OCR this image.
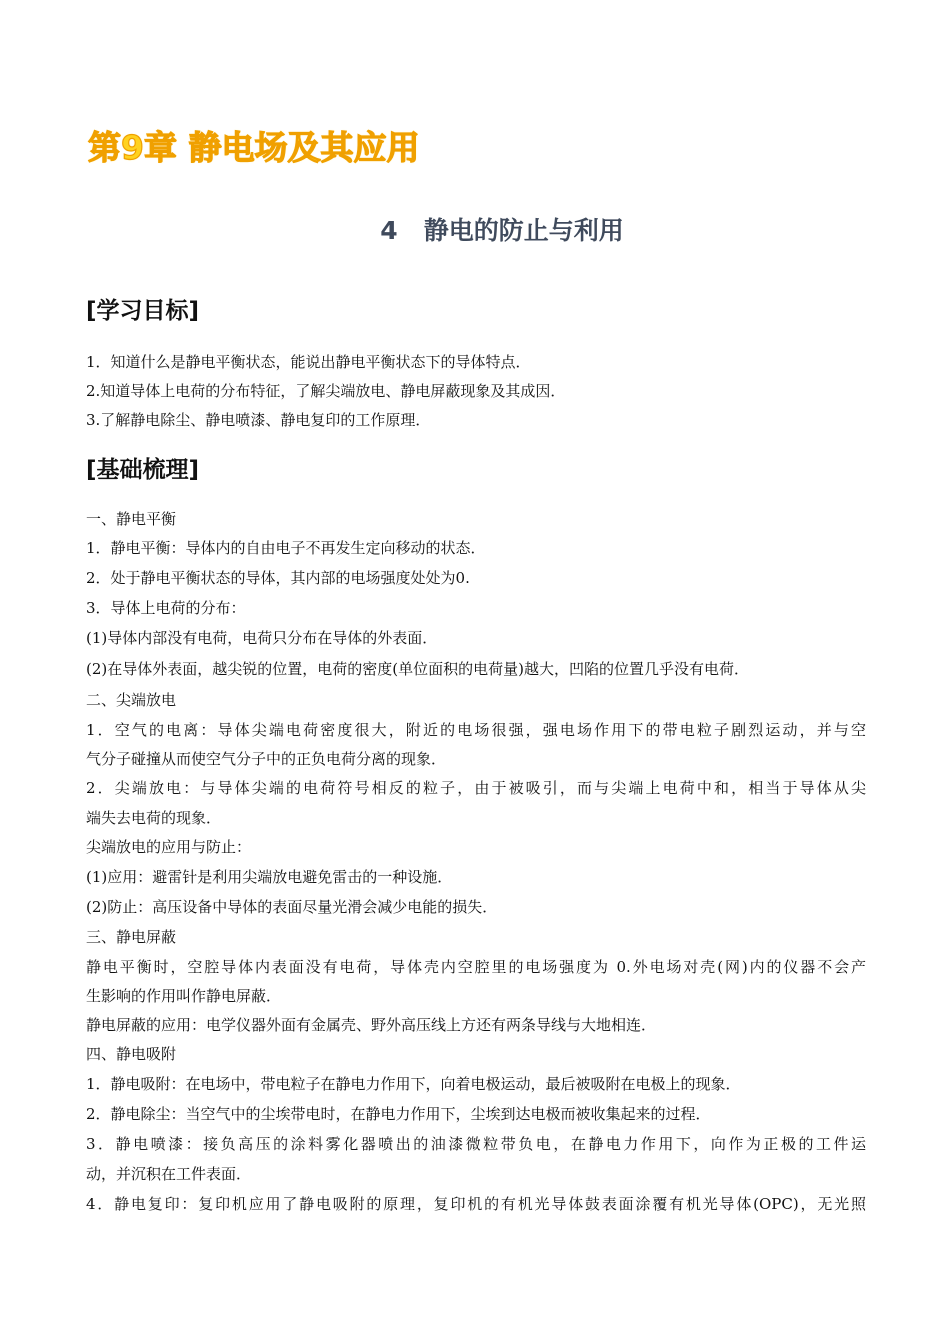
第9章 静电场及其应用
4 静电的防止与利用
[学习目标]
1．知道什么是静电平衡状态，能说出静电平衡状态下的导体特点．
2.知道导体上电荷的分布特征，了解尖端放电、静电屏蔽现象及其成因．
3.了解静电除尘、静电喷漆、静电复印的工作原理．
[基础梳理]
一、静电平衡
1．静电平衡：导体内的自由电子不再发生定向移动的状态．
2．处于静电平衡状态的导体，其内部的电场强度处处为0.
3．导体上电荷的分布：
(1)导体内部没有电荷，电荷只分布在导体的外表面．
(2)在导体外表面，越尖锐的位置，电荷的密度(单位面积的电荷量)越大，凹陷的位置几乎没有电荷．
二、尖端放电
1．空气的电离：导体尖端电荷密度很大，附近的电场很强，强电场作用下的带电粒子剧烈运动，并与空
气分子碰撞从而使空气分子中的正负电荷分离的现象．
2．尖端放电：与导体尖端的电荷符号相反的粒子，由于被吸引，而与尖端上电荷中和，相当于导体从尖
端失去电荷的现象．
尖端放电的应用与防止：
(1)应用：避雷针是利用尖端放电避免雷击的一种设施．
(2)防止：高压设备中导体的表面尽量光滑会减少电能的损失．
三、静电屏蔽
静电平衡时，空腔导体内表面没有电荷，导体壳内空腔里的电场强度为 0.外电场对壳(网)内的仪器不会产
生影响的作用叫作静电屏蔽．
静电屏蔽的应用：电学仪器外面有金属壳、野外高压线上方还有两条导线与大地相连．
四、静电吸附
1．静电吸附：在电场中，带电粒子在静电力作用下，向着电极运动，最后被吸附在电极上的现象．
2．静电除尘：当空气中的尘埃带电时，在静电力作用下，尘埃到达电极而被收集起来的过程．
3．静电喷漆：接负高压的涂料雾化器喷出的油漆微粒带负电，在静电力作用下，向作为正极的工件运
动，并沉积在工件表面．
4．静电复印：复印机应用了静电吸附的原理，复印机的有机光导体鼓表面涂覆有机光导体(OPC)，无光照
